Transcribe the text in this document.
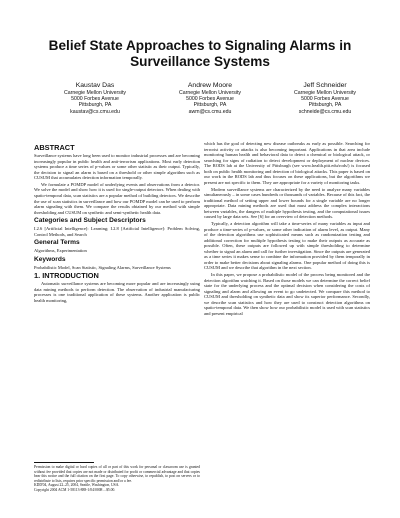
Belief State Approaches to Signaling Alarms in Surveillance Systems
Kaustav Das
Carnegie Mellon University
5000 Forbes Avenue
Pittsburgh, PA
kaustav@cs.cmu.edu
Andrew Moore
Carnegie Mellon University
5000 Forbes Avenue
Pittsburgh, PA
awm@cs.cmu.edu
Jeff Schneider
Carnegie Mellon University
5000 Forbes Avenue
Pittsburgh, PA
schneide@cs.cmu.edu
ABSTRACT

Surveillance systems have long been used to monitor industrial processes and are becoming increasingly popular in public health and anti-terrorism applications. Most early detection systems produce a time series of p-values or some other statistic as their output. Typically, the decision to signal an alarm is based on a threshold or other simple algorithm such as CUSUM that accumulates detection information temporally.

We formulate a POMDP model of underlying events and observations from a detector. We solve the model and show how it is used for single-output detectors. When dealing with spatio-temporal data, scan statistics are a popular method of building detectors. We describe the use of scan statistics in surveillance and how our POMDP model can be used to perform alarm signaling with them. We compare the results obtained by our method with simple thresholding and CUSUM on synthetic and semi-synthetic health data.

Categories and Subject Descriptors
I.2.6 [Artificial Intelligence]: Learning; I.2.8 [Artificial Intelligence]: Problem Solving, Control Methods, and Search
General Terms
Algorithms, Experimentation
Keywords
Probabilistic Model, Scan Statistic, Signaling Alarms, Surveillance Systems
1. INTRODUCTION

Automatic surveillance systems are becoming more popular and are increasingly using data mining methods to perform detection. The observation of industrial manufacturing processes is one traditional application of these systems. Another application is public health monitoring,

Permission to make digital or hard copies of all or part of this work for personal or classroom use is granted without fee provided that copies are not made or distributed for profit or commercial advantage and that copies bear this notice and the full citation on the first page. To copy otherwise, to republish, to post on servers or to redistribute to lists, requires prior specific permission and/or a fee.
KDD'04, August 22–25, 2004, Seattle, Washington, USA.
Copyright 2004 ACM 1-58113-888-1/04/0008 ...$5.00.

which has the goal of detecting new disease outbreaks as early as possible. Searching for terrorist activity or attacks is also becoming important. Applications in that area include monitoring human health and behavioral data to detect a chemical or biological attack, or searching for signs of radiation to detect development or deployment of nuclear devices. The RODS lab at the University of Pittsburgh (see www.health.pitt.edu/rods/) is focused both on public health monitoring and detection of biological attacks. This paper is based on our work in the RODS lab and thus focuses on these applications, but the algorithms we present are not specific to them. They are appropriate for a variety of monitoring tasks.

Modern surveillance systems are characterized by the need to analyze many variables simultaneously – in some cases hundreds or thousands of variables. Because of this fact, the traditional method of setting upper and lower bounds for a single variable are no longer appropriate. Data mining methods are used that must address the complex interactions between variables, the dangers of multiple hypothesis testing, and the computational issues caused by large data sets. See [6] for an overview of detection methods.

Typically, a detection algorithm will take a time-series of many variables as input and produce a time-series of p-values, or some other indication of alarm level, as output. Many of the detection algorithms use sophisticated means such as randomization testing and additional correction for multiple hypothesis testing to make their outputs as accurate as possible. Often, these outputs are followed up with simple thresholding to determine whether to signal an alarm and call for further investigation. Since the outputs are generated as a time series it makes sense to combine the information provided by them temporally in order to make better decisions about signaling alarms. One popular method of doing this is CUSUM and we describe that algorithm in the next section.

In this paper, we propose a probabilistic model of the process being monitored and the detection algorithm watching it. Based on those models we can determine the correct belief state for the underlying process and the optimal decision when considering the costs of signaling and alarm and allowing an event to go undetected. We compare this method to CUSUM and thresholding on synthetic data and show its superior performance. Secondly, we describe scan statistics and how they are used to construct detection algorithms on spatio-temporal data. We then show how our probabilistic model is used with scan statistics and present empirical
